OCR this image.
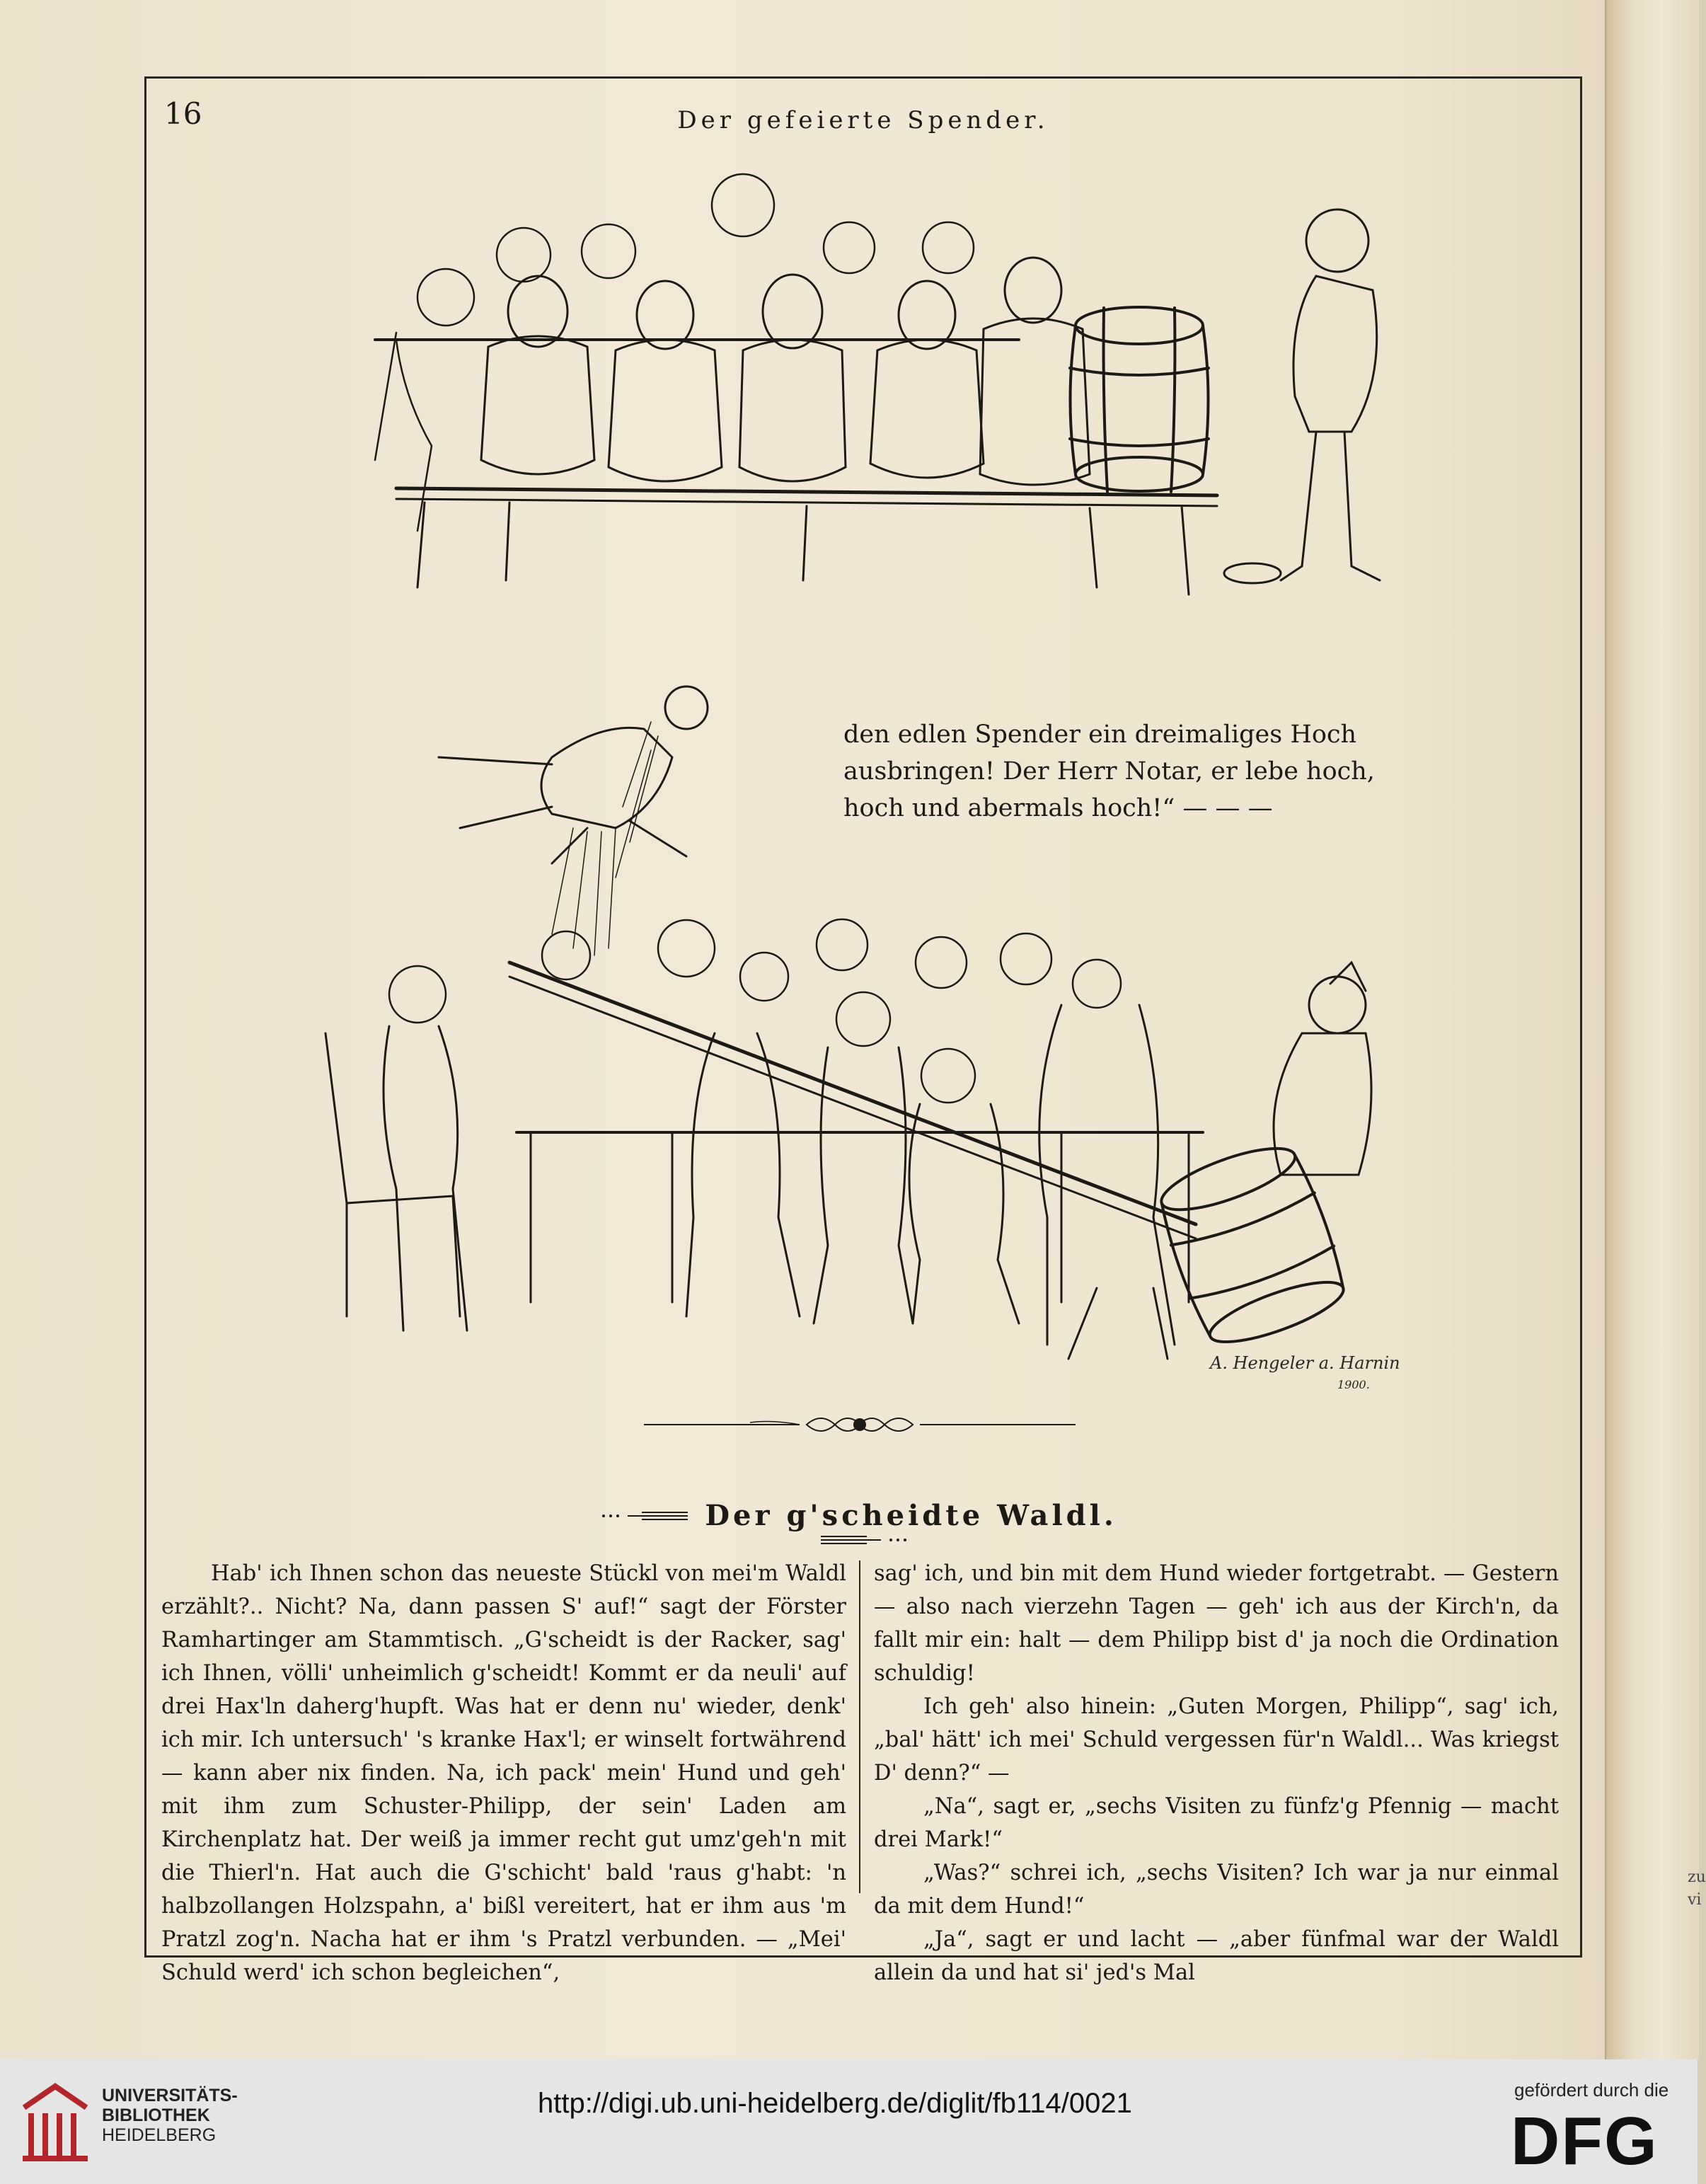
16	Der gefeierte Spender.
den edlen Spender ein dreimaliges Hoch
ausbringen! Der Herr Notar, er lebe hoch,
hoch und abermals hoch!“ — — —
A. Hengeler a. Harnin
1900.
Der g'scheidte Waldl.

Hab' ich Ihnen schon das neueste Stückl von mei'm Waldl erzählt?.. Nicht? Na, dann passen S' auf!“ sagt der Förster Ramhartinger am Stammtisch. „G'scheidt is der Racker, sag' ich Ihnen, völli' unheimlich g'scheidt! Kommt er da neuli' auf drei Hax'ln daherg'hupft. Was hat er denn nu' wieder, denk' ich mir. Ich untersuch' 's kranke Hax'l; er winselt fortwährend — kann aber nix finden. Na, ich pack' mein' Hund und geh' mit ihm zum Schuster-Philipp, der sein' Laden am Kirchenplatz hat. Der weiß ja immer recht gut umz'geh'n mit die Thierl'n. Hat auch die G'schicht' bald 'raus g'habt: 'n halbzollangen Holzspahn, a' bißl vereitert, hat er ihm aus 'm Pratzl zog'n. Nacha hat er ihm 's Pratzl verbunden. — „Mei' Schuld werd' ich schon begleichen“,

sag' ich, und bin mit dem Hund wieder fortgetrabt. — Gestern — also nach vierzehn Tagen — geh' ich aus der Kirch'n, da fallt mir ein: halt — dem Philipp bist d' ja noch die Ordination schuldig!

Ich geh' also hinein: „Guten Morgen, Philipp“, sag' ich, „bal' hätt' ich mei' Schuld vergessen für'n Waldl... Was kriegst D' denn?“ —

„Na“, sagt er, „sechs Visiten zu fünfz'g Pfennig — macht drei Mark!“

„Was?“ schrei ich, „sechs Visiten? Ich war ja nur einmal da mit dem Hund!“

„Ja“, sagt er und lacht — „aber fünfmal war der Waldl allein da und hat si' jed's Mal

zu
vi
UNIVERSITÄTS-
BIBLIOTHEK
HEIDELBERG
http://digi.ub.uni-heidelberg.de/diglit/fb114/0021	gefördert durch die
DFG
